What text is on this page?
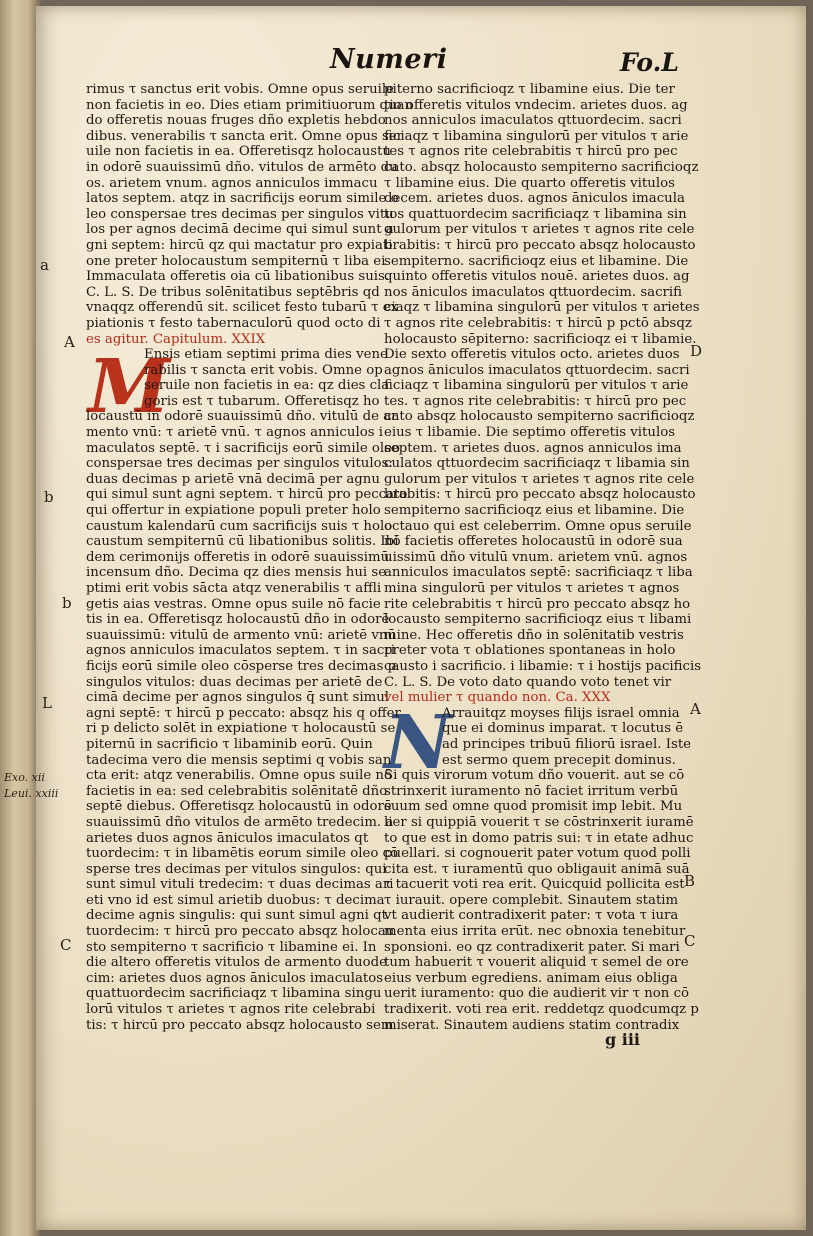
Numeri	Fo.L
M
N
rimus τ sanctus erit vobis. Omne opus seruile
non facietis in eo. Dies etiam primitiuorum quan
do offeretis nouas fruges dño expletis hebdo
dibus. venerabilis τ sancta erit. Omne opus ser
uile non facietis in ea. Offeretisqz holocaustu
in odorē suauissimū dño. vitulos de armēto du
os. arietem vnum. agnos anniculos immacu
latos septem. atqz in sacrificijs eorum simile o
leo conspersae tres decimas per singulos vitu
los per agnos decimā decime qui simul sunt a
gni septem: hircū qz qui mactatur pro expiati
one preter holocaustum sempiternū τ liba ei
Immaculata offeretis oia cū libationibus suis.
C. L. S. De tribus solēnitatibus septēbris qd
vnaqqz offerendū sit. scilicet festo tubarū τ ex
piationis τ festo tabernaculorū quod octo di
es agitur. Capitulum. XXIX
Ensis etiam septimi prima dies vene
rabilis τ sancta erit vobis. Omne op
seruile non facietis in ea: qz dies cla
goris est τ tubarum. Offeretisqz ho
locaustū in odorē suauissimū dño. vitulū de ar
mento vnū: τ arietē vnū. τ agnos anniculos i
maculatos septē. τ i sacrificijs eorū simile oleo
conspersae tres decimas per singulos vitulos:
duas decimas p arietē vnā decimā per agnu
qui simul sunt agni septem. τ hircū pro peccato
qui offertur in expiatione populi preter holo
caustum kalendarū cum sacrificijs suis τ holo
caustum sempiternū cū libationibus solitis. Ibi
dem cerimonijs offeretis in odorē suauissimū
incensum dño. Decima qz dies mensis hui se
ptimi erit vobis sācta atqz venerabilis τ affli
getis aias vestras. Omne opus suile nō facie
tis in ea. Offeretisqz holocaustū dño in odorē
suauissimū: vitulū de armento vnū: arietē vnū
agnos anniculos imaculatos septem. τ in sacri
ficijs eorū simile oleo cōsperse tres decimas p
singulos vitulos: duas decimas per arietē de
cimā decime per agnos singulos q̄ sunt simul
agni septē: τ hircū p peccato: absqz his q offer
ri p delicto solēt in expiatione τ holocaustū se
piternū in sacrificio τ libaminib eorū. Quin
tadecima vero die mensis septimi q vobis san
cta erit: atqz venerabilis. Omne opus suile nō
facietis in ea: sed celebrabitis solēnitatē dño
septē diebus. Offeretisqz holocaustū in odorē
suauissimū dño vitulos de armēto tredecim. a
arietes duos agnos āniculos imaculatos qt
tuordecim: τ in libamētis eorum simile oleo cō
sperse tres decimas per vitulos singulos: qui
sunt simul vituli tredecim: τ duas decimas ari
eti vno id est simul arietib duobus: τ decima
decime agnis singulis: qui sunt simul agni qt
tuordecim: τ hircū pro peccato absqz holocau
sto sempiterno τ sacrificio τ libamine ei. In
die altero offeretis vitulos de armento duode
cim: arietes duos agnos āniculos imaculatos
quattuordecim sacrificiaqz τ libamina singu
lorū vitulos τ arietes τ agnos rite celebrabi
tis: τ hircū pro peccato absqz holocausto sem
piterno sacrificioqz τ libamine eius. Die ter
tio offeretis vitulos vndecim. arietes duos. ag
nos anniculos imaculatos qttuordecim. sacri
ficiaqz τ libamina singulorū per vitulos τ arie
tes τ agnos rite celebrabitis τ hircū pro pec
cato. absqz holocausto sempiterno sacrificioqz
τ libamine eius. Die quarto offeretis vitulos
decem. arietes duos. agnos āniculos imacula
tos quattuordecim sacrificiaqz τ libamina sin
gulorum per vitulos τ arietes τ agnos rite cele
brabitis: τ hircū pro peccato absqz holocausto
sempiterno. sacrificioqz eius et libamine. Die
quinto offeretis vitulos nouē. arietes duos. ag
nos āniculos imaculatos qttuordecim. sacrifi
ciaqz τ libamina singulorū per vitulos τ arietes
τ agnos rite celebrabitis: τ hircū p pctō absqz
holocausto sēpiterno: sacrificioqz ei τ libamie.
Die sexto offeretis vitulos octo. arietes duos
agnos āniculos imaculatos qttuordecim. sacri
ficiaqz τ libamina singulorū per vitulos τ arie
tes. τ agnos rite celebrabitis: τ hircū pro pec
cato absqz holocausto sempiterno sacrificioqz
eius τ libamie. Die septimo offeretis vitulos
septem. τ arietes duos. agnos anniculos ima
culatos qttuordecim sacrificiaqz τ libamia sin
gulorum per vitulos τ arietes τ agnos rite cele
brabitis: τ hircū pro peccato absqz holocausto
sempiterno sacrificioqz eius et libamine. Die
octauo qui est celeberrim. Omne opus seruile
nō facietis offeretes holocaustū in odorē sua
uissimū dño vitulū vnum. arietem vnū. agnos
anniculos imaculatos septē: sacrificiaqz τ liba
mina singulorū per vitulos τ arietes τ agnos
rite celebrabitis τ hircū pro peccato absqz ho
locausto sempiterno sacrificioqz eius τ libami
mine. Hec offeretis dño in solēnitatib vestris
preter vota τ oblationes spontaneas in holo
causto i sacrificio. i libamie: τ i hostijs pacificis
C. L. S. De voto dato quando voto tenet vir
vel mulier τ quando non. Ca. XXX
Arrauitqz moyses filijs israel omnia
que ei dominus imparat. τ locutus ē
ad principes tribuū filiorū israel. Iste
est sermo quem precepit dominus.
Si quis virorum votum dño vouerit. aut se cō
strinxerit iuramento nō faciet irritum verbū
suum sed omne quod promisit imp lebit. Mu
lier si quippiā vouerit τ se cōstrinxerit iuramē
to que est in domo patris sui: τ in etate adhuc
puellari. si cognouerit pater votum quod polli
cita est. τ iuramentū quo obligauit animā suā
τ tacuerit voti rea erit. Quicquid pollicita est
τ iurauit. opere complebit. Sinautem statim
vt audierit contradixerit pater: τ vota τ iura
menta eius irrita erūt. nec obnoxia tenebitur
sponsioni. eo qz contradixerit pater. Si mari
tum habuerit τ vouerit aliquid τ semel de ore
eius verbum egrediens. animam eius obliga
uerit iuramento: quo die audierit vir τ non cō
tradixerit. voti rea erit. reddetqz quodcumqz p
miserat. Sinautem audiens statim contradix
a
A
b
b
L
C
D
A
B
C
Exo. xii
Leui. xxiii
g iii
